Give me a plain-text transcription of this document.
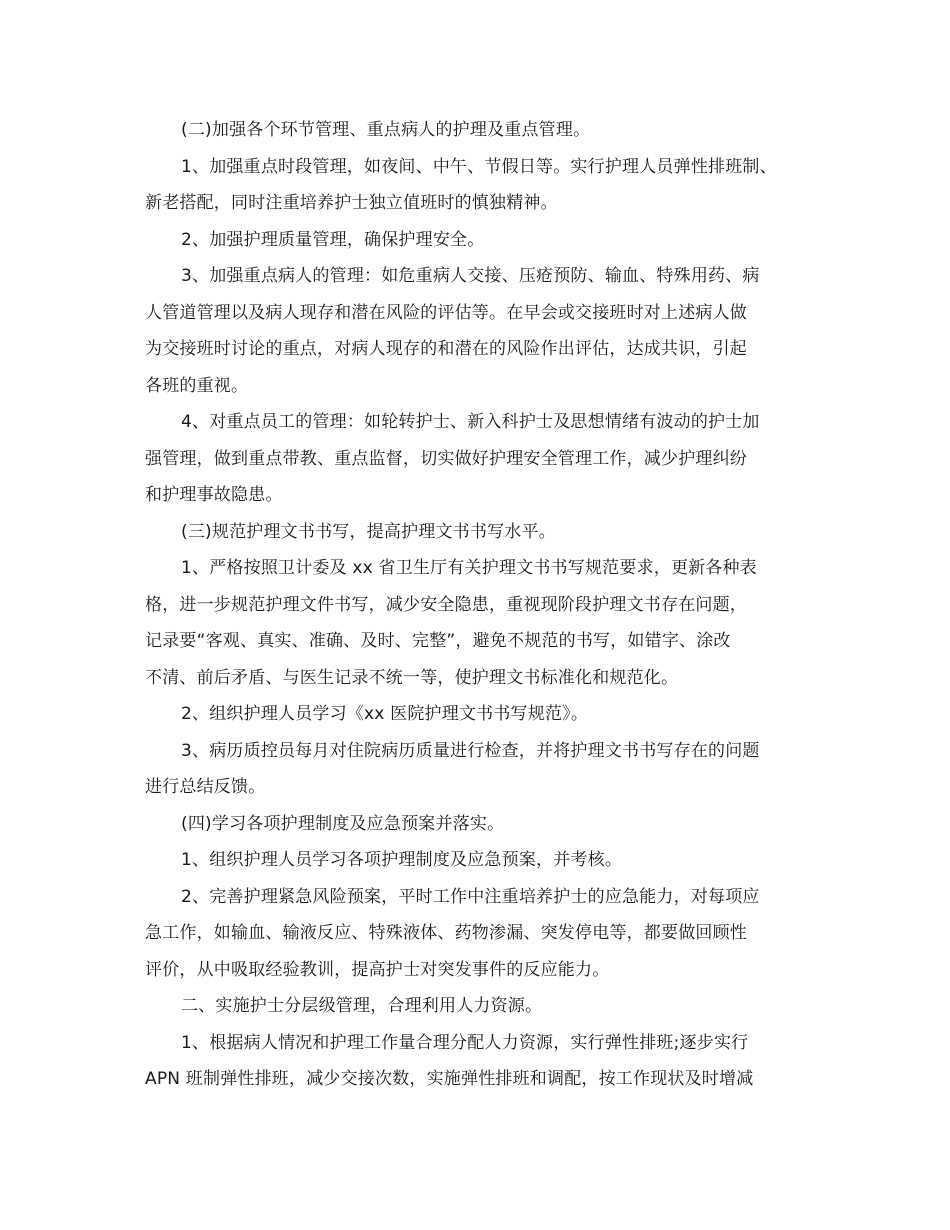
(二)加强各个环节管理、重点病人的护理及重点管理。
1、加强重点时段管理，如夜间、中午、节假日等。实行护理人员弹性排班制、
新老搭配，同时注重培养护士独立值班时的慎独精神。
2、加强护理质量管理，确保护理安全。
3、加强重点病人的管理：如危重病人交接、压疮预防、输血、特殊用药、病
人管道管理以及病人现存和潜在风险的评估等。在早会或交接班时对上述病人做
为交接班时讨论的重点，对病人现存的和潜在的风险作出评估，达成共识，引起
各班的重视。
4、对重点员工的管理：如轮转护士、新入科护士及思想情绪有波动的护士加
强管理，做到重点带教、重点监督，切实做好护理安全管理工作，减少护理纠纷
和护理事故隐患。
(三)规范护理文书书写，提高护理文书书写水平。
1、严格按照卫计委及 xx 省卫生厅有关护理文书书写规范要求，更新各种表
格，进一步规范护理文件书写，减少安全隐患，重视现阶段护理文书存在问题，
记录要“客观、真实、准确、及时、完整”，避免不规范的书写，如错字、涂改
不清、前后矛盾、与医生记录不统一等，使护理文书标准化和规范化。
2、组织护理人员学习《xx 医院护理文书书写规范》。
3、病历质控员每月对住院病历质量进行检查，并将护理文书书写存在的问题
进行总结反馈。
(四)学习各项护理制度及应急预案并落实。
1、组织护理人员学习各项护理制度及应急预案，并考核。
2、完善护理紧急风险预案，平时工作中注重培养护士的应急能力，对每项应
急工作，如输血、输液反应、特殊液体、药物渗漏、突发停电等，都要做回顾性
评价，从中吸取经验教训，提高护士对突发事件的反应能力。
二、实施护士分层级管理，合理利用人力资源。
1、根据病人情况和护理工作量合理分配人力资源，实行弹性排班;逐步实行
APN 班制弹性排班，减少交接次数，实施弹性排班和调配，按工作现状及时增减
